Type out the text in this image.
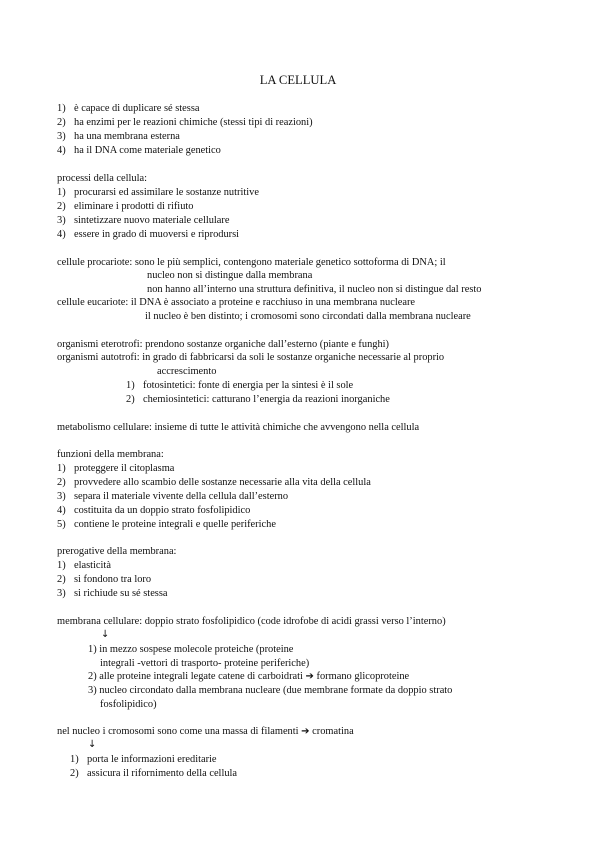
LA CELLULA
1) è capace di duplicare sé stessa
2) ha enzimi per le reazioni chimiche (stessi tipi di reazioni)
3) ha una membrana esterna
4) ha il DNA come materiale genetico
processi della cellula:
1) procurarsi ed assimilare le sostanze nutritive
2) eliminare i prodotti di rifiuto
3) sintetizzare nuovo materiale cellulare
4) essere in grado di muoversi e riprodursi
cellule procariote: sono le più semplici, contengono materiale genetico sottoforma di DNA; il
nucleo non si distingue dalla membrana
non hanno all’interno una struttura definitiva, il nucleo non si distingue dal resto
cellule eucariote: il DNA è associato a proteine e racchiuso in una membrana nucleare
il nucleo è ben distinto; i cromosomi sono circondati dalla membrana nucleare
organismi eterotrofi: prendono sostanze organiche dall’esterno (piante e funghi)
organismi autotrofi: in grado di fabbricarsi da soli le sostanze organiche necessarie al proprio
accrescimento
1) fotosintetici: fonte di energia per la sintesi è il sole
2) chemiosintetici: catturano l’energia da reazioni inorganiche
metabolismo cellulare: insieme di tutte le attività chimiche che avvengono nella cellula
funzioni della membrana:
1) proteggere il citoplasma
2) provvedere allo scambio delle sostanze necessarie alla vita della cellula
3) separa il materiale vivente della cellula dall’esterno
4) costituita da un doppio strato fosfolipidico
5) contiene le proteine integrali e quelle periferiche
prerogative della membrana:
1) elasticità
2) si fondono tra loro
3) si richiude su sé stessa
membrana cellulare: doppio strato fosfolipidico (code idrofobe di acidi grassi verso l’interno)
↓
1) in mezzo sospese molecole proteiche (proteine
integrali -vettori di trasporto- proteine periferiche)
2) alle proteine integrali legate catene di carboidrati ➔ formano glicoproteine
3) nucleo circondato dalla membrana nucleare (due membrane formate da doppio strato
fosfolipidico)
nel nucleo i cromosomi sono come una massa di filamenti ➔ cromatina
↓
1) porta le informazioni ereditarie
2) assicura il rifornimento della cellula
